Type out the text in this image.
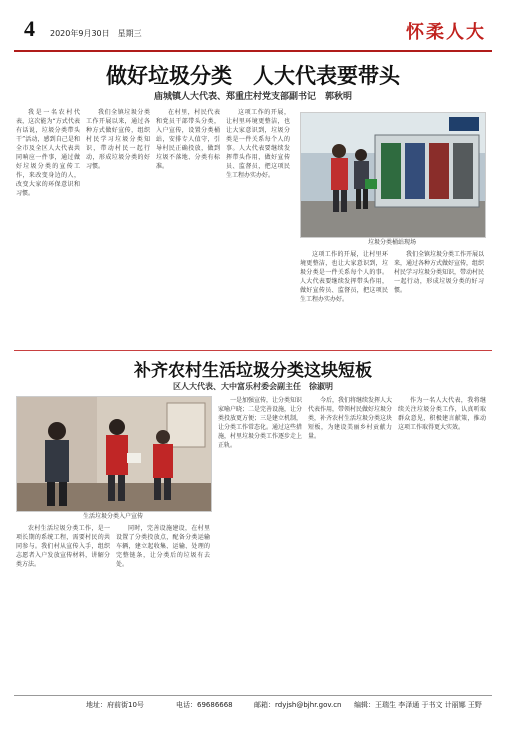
4 2020年9月30日　星期三	怀柔人大
做好垃圾分类　人大代表要带头
庙城镇人大代表、郑重庄村党支部副书记　郭秋明

我是一名农村代表，这次能为“方式代表有话说，垃圾分类带头干”活动，感到自己是和全市及全区人大代表共同响应一件事，通过做好垃圾分类的宣传工作，来改变身边的人，改变大家的环保意识和习惯。

我们全镇垃圾分类工作开展以来，通过各种方式做好宣传，组织村民学习垃圾分类知识，带动村民一起行动，形成垃圾分类的好习惯。

在村里，村民代表和党员干部带头分类，入户宣传，设置分类桶站，安排专人值守，引导村民正确投放，做到垃圾不落地、分类有标准。

这项工作的开展，让村里环境更整洁，也让大家意识到，垃圾分类是一件关系每个人的事。人大代表要继续发挥带头作用，做好宣传员、监督员，把这项民生工程办实办好。

垃圾分类桶站现场

这项工作的开展，让村里环境更整洁，也让大家意识到，垃圾分类是一件关系每个人的事。人大代表要继续发挥带头作用，做好宣传员、监督员，把这项民生工程办实办好。

我们全镇垃圾分类工作开展以来，通过各种方式做好宣传，组织村民学习垃圾分类知识，带动村民一起行动，形成垃圾分类的好习惯。

补齐农村生活垃圾分类这块短板
区人大代表、大中富乐村委会副主任　徐淑明
生活垃圾分类入户宣传

农村生活垃圾分类工作，是一项长期的系统工程，需要村民的共同参与。我们村从宣传入手，组织志愿者入户发放宣传材料，讲解分类方法。

同时，完善设施建设，在村里设置了分类投放点，配备分类运输车辆，建立起收集、运输、处理的完整链条，让分类后的垃圾有去处。

一是加强宣传，让分类知识家喻户晓；二是完善设施，让分类投放更方便；三是建立机制，让分类工作常态化。通过这些措施，村里垃圾分类工作逐步走上正轨。

今后，我们将继续发挥人大代表作用，带领村民做好垃圾分类，补齐农村生活垃圾分类这块短板，为建设美丽乡村贡献力量。

作为一名人大代表，我将继续关注垃圾分类工作，认真听取群众意见，积极建言献策，推动这项工作取得更大实效。

地址：府前街10号	电话：69686668	邮箱：rdyjsh@bjhr.gov.cn 编辑：王瑞生 李泽通 于书文 计丽娜 王野
